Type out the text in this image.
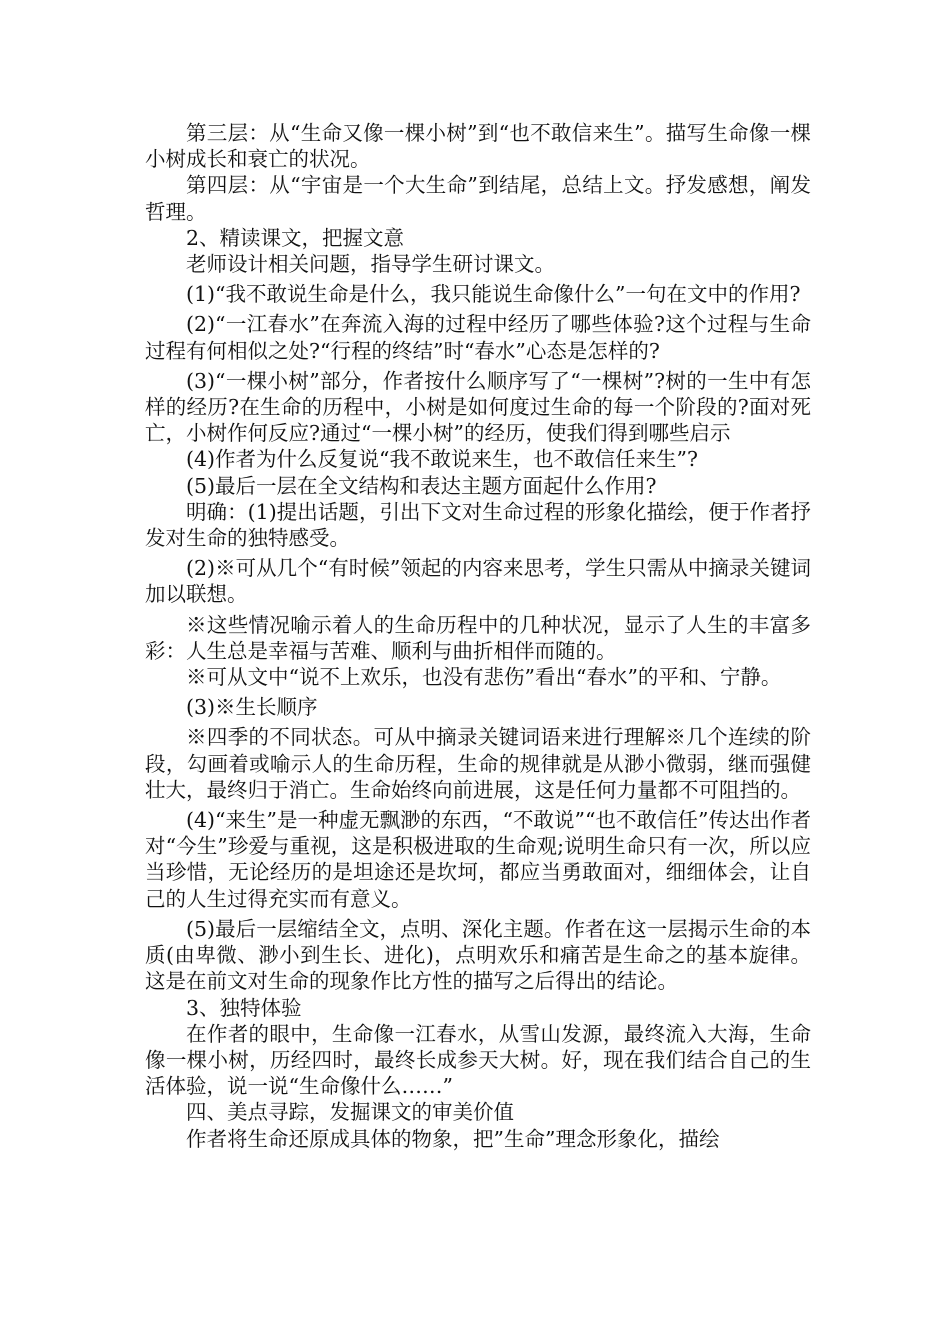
第三层：从“生命又像一棵小树”到“也不敢信来生”。描写生命像一棵小树成长和衰亡的状况。

第四层：从“宇宙是一个大生命”到结尾，总结上文。抒发感想，阐发哲理。

2、精读课文，把握文意

老师设计相关问题，指导学生研讨课文。

(1)“我不敢说生命是什么，我只能说生命像什么”一句在文中的作用?

(2)“一江春水”在奔流入海的过程中经历了哪些体验?这个过程与生命过程有何相似之处?“行程的终结”时“春水”心态是怎样的?

(3)“一棵小树”部分，作者按什么顺序写了“一棵树”?树的一生中有怎样的经历?在生命的历程中，小树是如何度过生命的每一个阶段的?面对死亡，小树作何反应?通过“一棵小树”的经历，使我们得到哪些启示

(4)作者为什么反复说“我不敢说来生，也不敢信任来生”?

(5)最后一层在全文结构和表达主题方面起什么作用?

明确：(1)提出话题，引出下文对生命过程的形象化描绘，便于作者抒发对生命的独特感受。

(2)※可从几个“有时候”领起的内容来思考，学生只需从中摘录关键词加以联想。

※这些情况喻示着人的生命历程中的几种状况，显示了人生的丰富多彩：人生总是幸福与苦难、顺利与曲折相伴而随的。

※可从文中“说不上欢乐，也没有悲伤”看出“春水”的平和、宁静。

(3)※生长顺序

※四季的不同状态。可从中摘录关键词语来进行理解※几个连续的阶段，勾画着或喻示人的生命历程，生命的规律就是从渺小微弱，继而强健壮大，最终归于消亡。生命始终向前进展，这是任何力量都不可阻挡的。

(4)“来生”是一种虚无飘渺的东西，“不敢说”“也不敢信任”传达出作者对“今生”珍爱与重视，这是积极进取的生命观;说明生命只有一次，所以应当珍惜，无论经历的是坦途还是坎坷，都应当勇敢面对，细细体会，让自己的人生过得充实而有意义。

(5)最后一层缩结全文，点明、深化主题。作者在这一层揭示生命的本质(由卑微、渺小到生长、进化)，点明欢乐和痛苦是生命之的基本旋律。这是在前文对生命的现象作比方性的描写之后得出的结论。

3、独特体验

在作者的眼中，生命像一江春水，从雪山发源，最终流入大海，生命像一棵小树，历经四时，最终长成参天大树。好，现在我们结合自己的生活体验，说一说“生命像什么……”

四、美点寻踪，发掘课文的审美价值

作者将生命还原成具体的物象，把”生命”理念形象化，描绘
